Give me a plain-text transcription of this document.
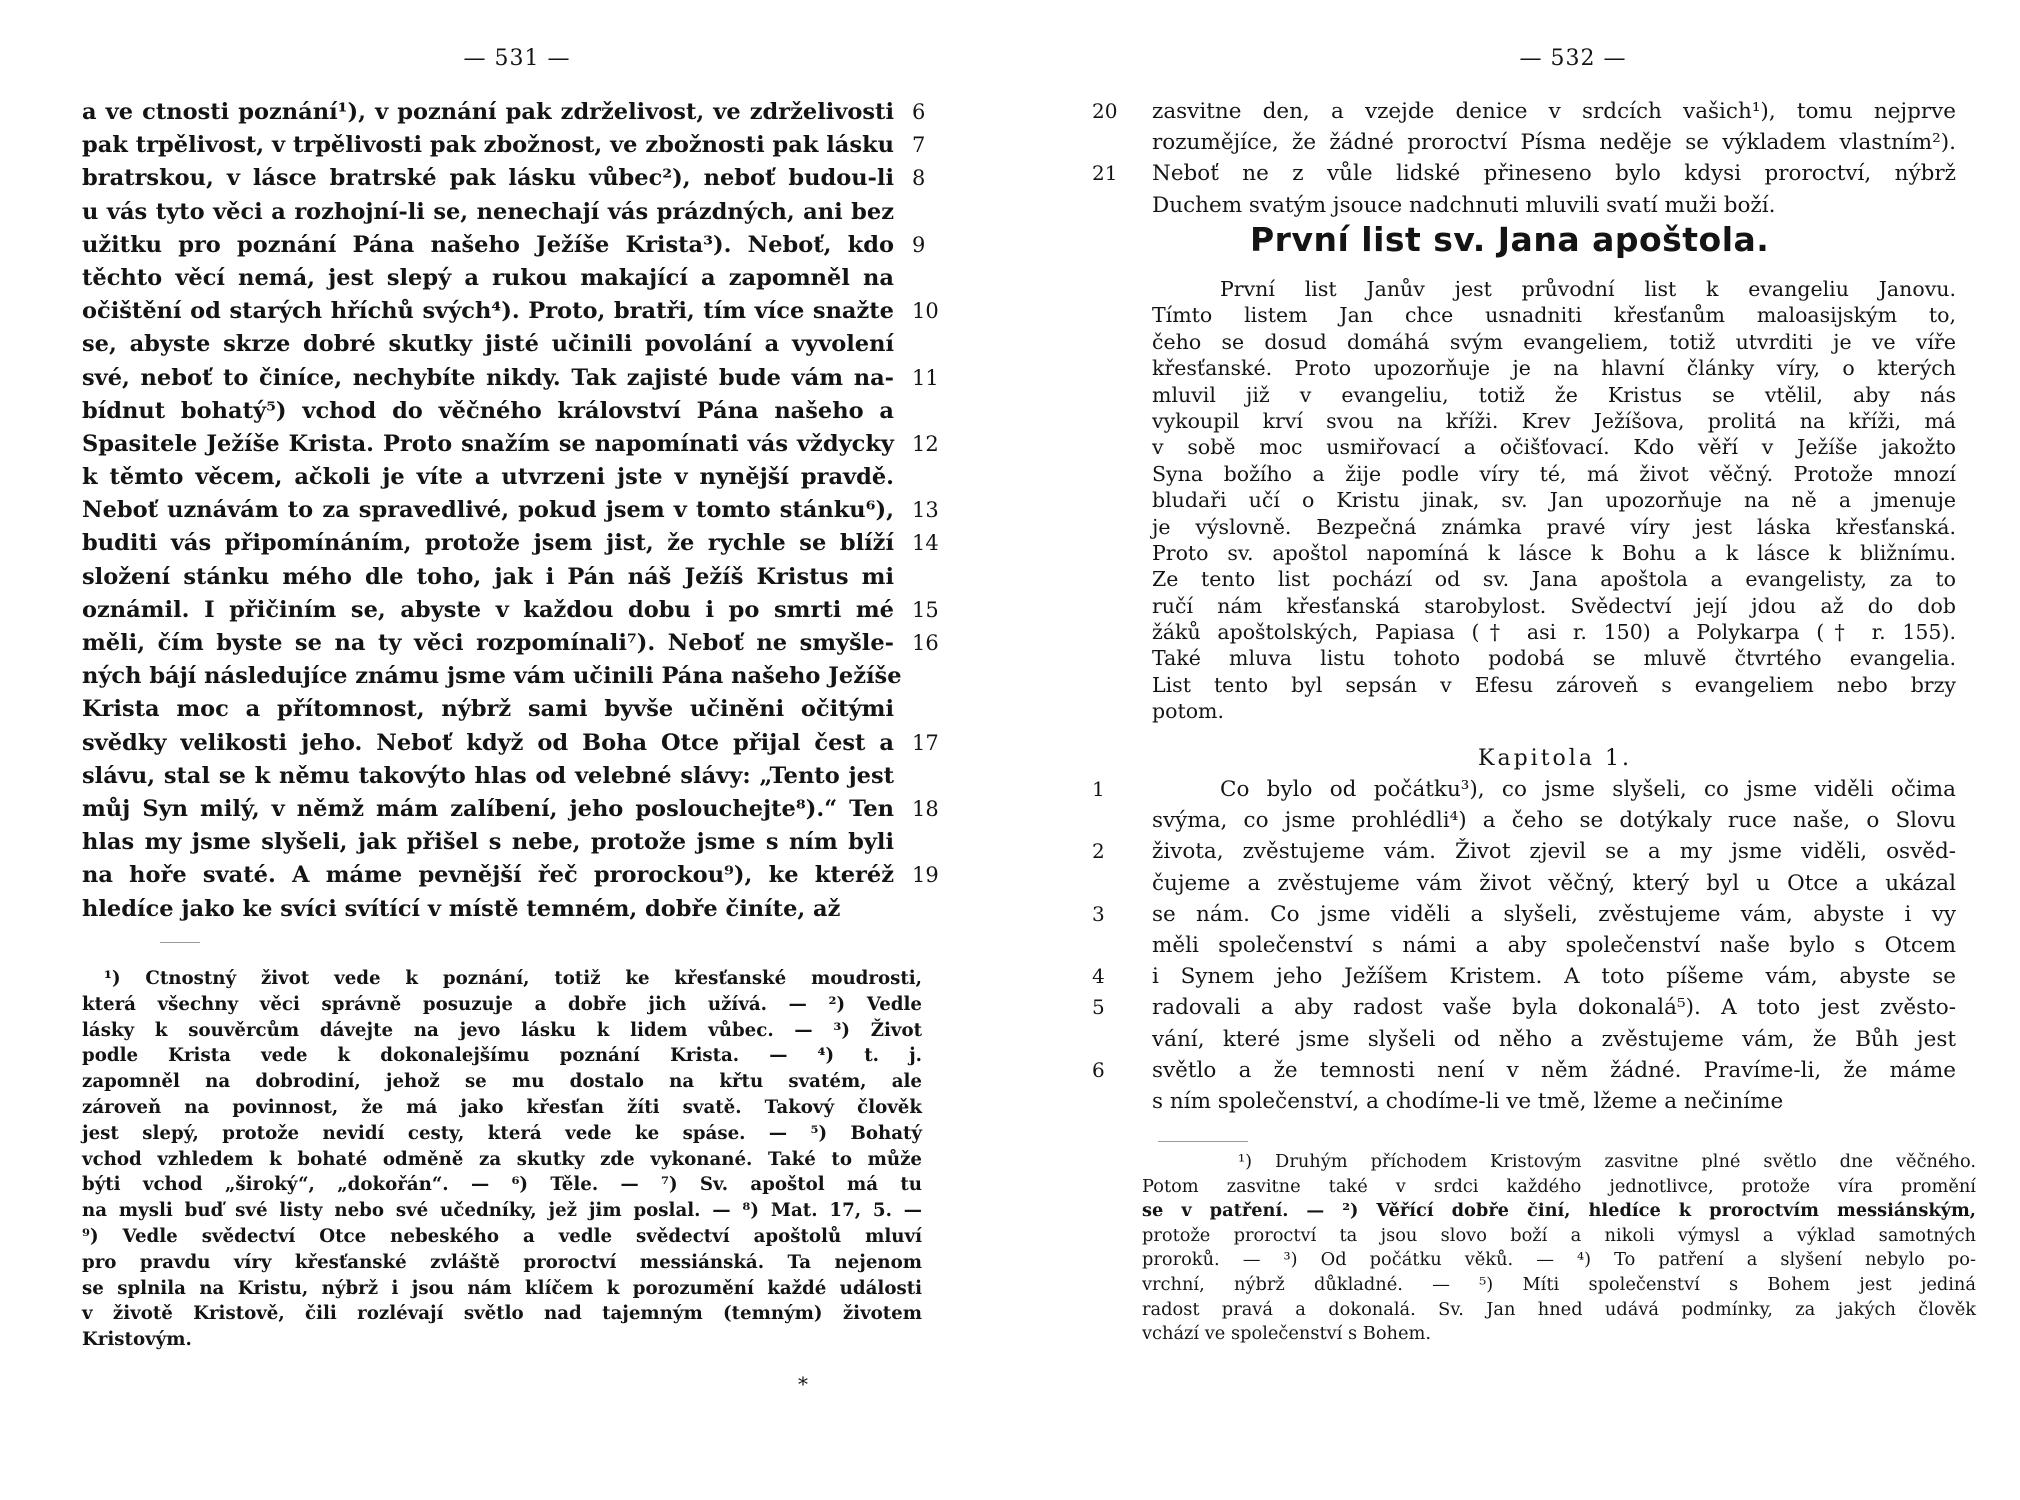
— 531 —
a ve ctnosti poznání¹), v poznání pak zdrželivost, ve zdrželivosti 6
pak trpělivost, v trpělivosti pak zbožnost, ve zbožnosti pak lásku 7
bratrskou, v lásce bratrské pak lásku vůbec²), neboť budou-li 8
u vás tyto věci a rozhojní-li se, nenechají vás prázdných, ani bez
užitku pro poznání Pána našeho Ježíše Krista³). Neboť, kdo 9
těchto věcí nemá, jest slepý a rukou makající a zapomněl na
očištění od starých hříchů svých⁴). Proto, bratři, tím více snažte 10
se, abyste skrze dobré skutky jisté učinili povolání a vyvolení
své, neboť to činíce, nechybíte nikdy. Tak zajisté bude vám na- 11
bídnut bohatý⁵) vchod do věčného království Pána našeho a
Spasitele Ježíše Krista. Proto snažím se napomínati vás vždycky 12
k těmto věcem, ačkoli je víte a utvrzeni jste v nynější pravdě.
Neboť uznávám to za spravedlivé, pokud jsem v tomto stánku⁶), 13
buditi vás připomínáním, protože jsem jist, že rychle se blíží 14
složení stánku mého dle toho, jak i Pán náš Ježíš Kristus mi
oznámil. I přičiním se, abyste v každou dobu i po smrti mé 15
měli, čím byste se na ty věci rozpomínali⁷). Neboť ne smyšle- 16
ných bájí následujíce známu jsme vám učinili Pána našeho Ježíše
Krista moc a přítomnost, nýbrž sami byvše učiněni očitými
svědky velikosti jeho. Neboť když od Boha Otce přijal čest a 17
slávu, stal se k němu takovýto hlas od velebné slávy: „Tento jest
můj Syn milý, v němž mám zalíbení, jeho poslouchejte⁸).“ Ten 18
hlas my jsme slyšeli, jak přišel s nebe, protože jsme s ním byli
na hoře svaté. A máme pevnější řeč prorockou⁹), ke kteréž 19
hledíce jako ke svíci svítící v místě temném, dobře činíte, až
¹) Ctnostný život vede k poznání, totiž ke křesťanské moudrosti,
která všechny věci správně posuzuje a dobře jich užívá. — ²) Vedle
lásky k souvěrcům dávejte na jevo lásku k lidem vůbec. — ³) Život
podle Krista vede k dokonalejšímu poznání Krista. — ⁴) t. j.
zapomněl na dobrodiní, jehož se mu dostalo na křtu svatém, ale
zároveň na povinnost, že má jako křesťan žíti svatě. Takový člověk
jest slepý, protože nevidí cesty, která vede ke spáse. — ⁵) Bohatý
vchod vzhledem k bohaté odměně za skutky zde vykonané. Také to může
býti vchod „široký“, „dokořán“. — ⁶) Těle. — ⁷) Sv. apoštol má tu
na mysli buď své listy nebo své učedníky, jež jim poslal. — ⁸) Mat. 17, 5. —
⁹) Vedle svědectví Otce nebeského a vedle svědectví apoštolů mluví
pro pravdu víry křesťanské zvláště proroctví messiánská. Ta nejenom
se splnila na Kristu, nýbrž i jsou nám klíčem k porozumění každé události
v životě Kristově, čili rozlévají světlo nad tajemným (temným) životem
Kristovým.
*
— 532 —
20	zasvitne den, a vzejde denice v srdcích vašich¹), tomu nejprve
rozumějíce, že žádné proroctví Písma neděje se výkladem vlastním²).
21	Neboť ne z vůle lidské přineseno bylo kdysi proroctví, nýbrž
Duchem svatým jsouce nadchnuti mluvili svatí muži boží.
První list sv. Jana apoštola.
První list Janův jest průvodní list k evangeliu Janovu.
Tímto listem Jan chce usnadniti křesťanům maloasijským to,
čeho se dosud domáhá svým evangeliem, totiž utvrditi je ve víře
křesťanské. Proto upozorňuje je na hlavní články víry, o kterých
mluvil již v evangeliu, totiž že Kristus se vtělil, aby nás
vykoupil krví svou na kříži. Krev Ježíšova, prolitá na kříži, má
v sobě moc usmiřovací a očišťovací. Kdo věří v Ježíše jakožto
Syna božího a žije podle víry té, má život věčný. Protože mnozí
bludaři učí o Kristu jinak, sv. Jan upozorňuje na ně a jmenuje
je výslovně. Bezpečná známka pravé víry jest láska křesťanská.
Proto sv. apoštol napomíná k lásce k Bohu a k lásce k bližnímu.
Ze tento list pochází od sv. Jana apoštola a evangelisty, za to
ručí nám křesťanská starobylost. Svědectví její jdou až do dob
žáků apoštolských, Papiasa († asi r. 150) a Polykarpa († r. 155).
Také mluva listu tohoto podobá se mluvě čtvrtého evangelia.
List tento byl sepsán v Efesu zároveň s evangeliem nebo brzy
potom.
Kapitola 1.
1	Co bylo od počátku³), co jsme slyšeli, co jsme viděli očima
svýma, co jsme prohlédli⁴) a čeho se dotýkaly ruce naše, o Slovu
2	života, zvěstujeme vám. Život zjevil se a my jsme viděli, osvěd-
čujeme a zvěstujeme vám život věčný, který byl u Otce a ukázal
3	se nám. Co jsme viděli a slyšeli, zvěstujeme vám, abyste i vy
měli společenství s námi a aby společenství naše bylo s Otcem
4	i Synem jeho Ježíšem Kristem. A toto píšeme vám, abyste se
5	radovali a aby radost vaše byla dokonalá⁵). A toto jest zvěsto-
vání, které jsme slyšeli od něho a zvěstujeme vám, že Bůh jest
6	světlo a že temnosti není v něm žádné. Pravíme-li, že máme
s ním společenství, a chodíme-li ve tmě, lžeme a nečiníme
¹) Druhým příchodem Kristovým zasvitne plné světlo dne věčného.
Potom zasvitne také v srdci každého jednotlivce, protože víra promění
se v patření. — ²) Věřící dobře činí, hledíce k proroctvím messiánským,
protože proroctví ta jsou slovo boží a nikoli výmysl a výklad samotných
proroků. — ³) Od počátku věků. — ⁴) To patření a slyšení nebylo po-
vrchní, nýbrž důkladné. — ⁵) Míti společenství s Bohem jest jediná
radost pravá a dokonalá. Sv. Jan hned udává podmínky, za jakých člověk
vchází ve společenství s Bohem.
